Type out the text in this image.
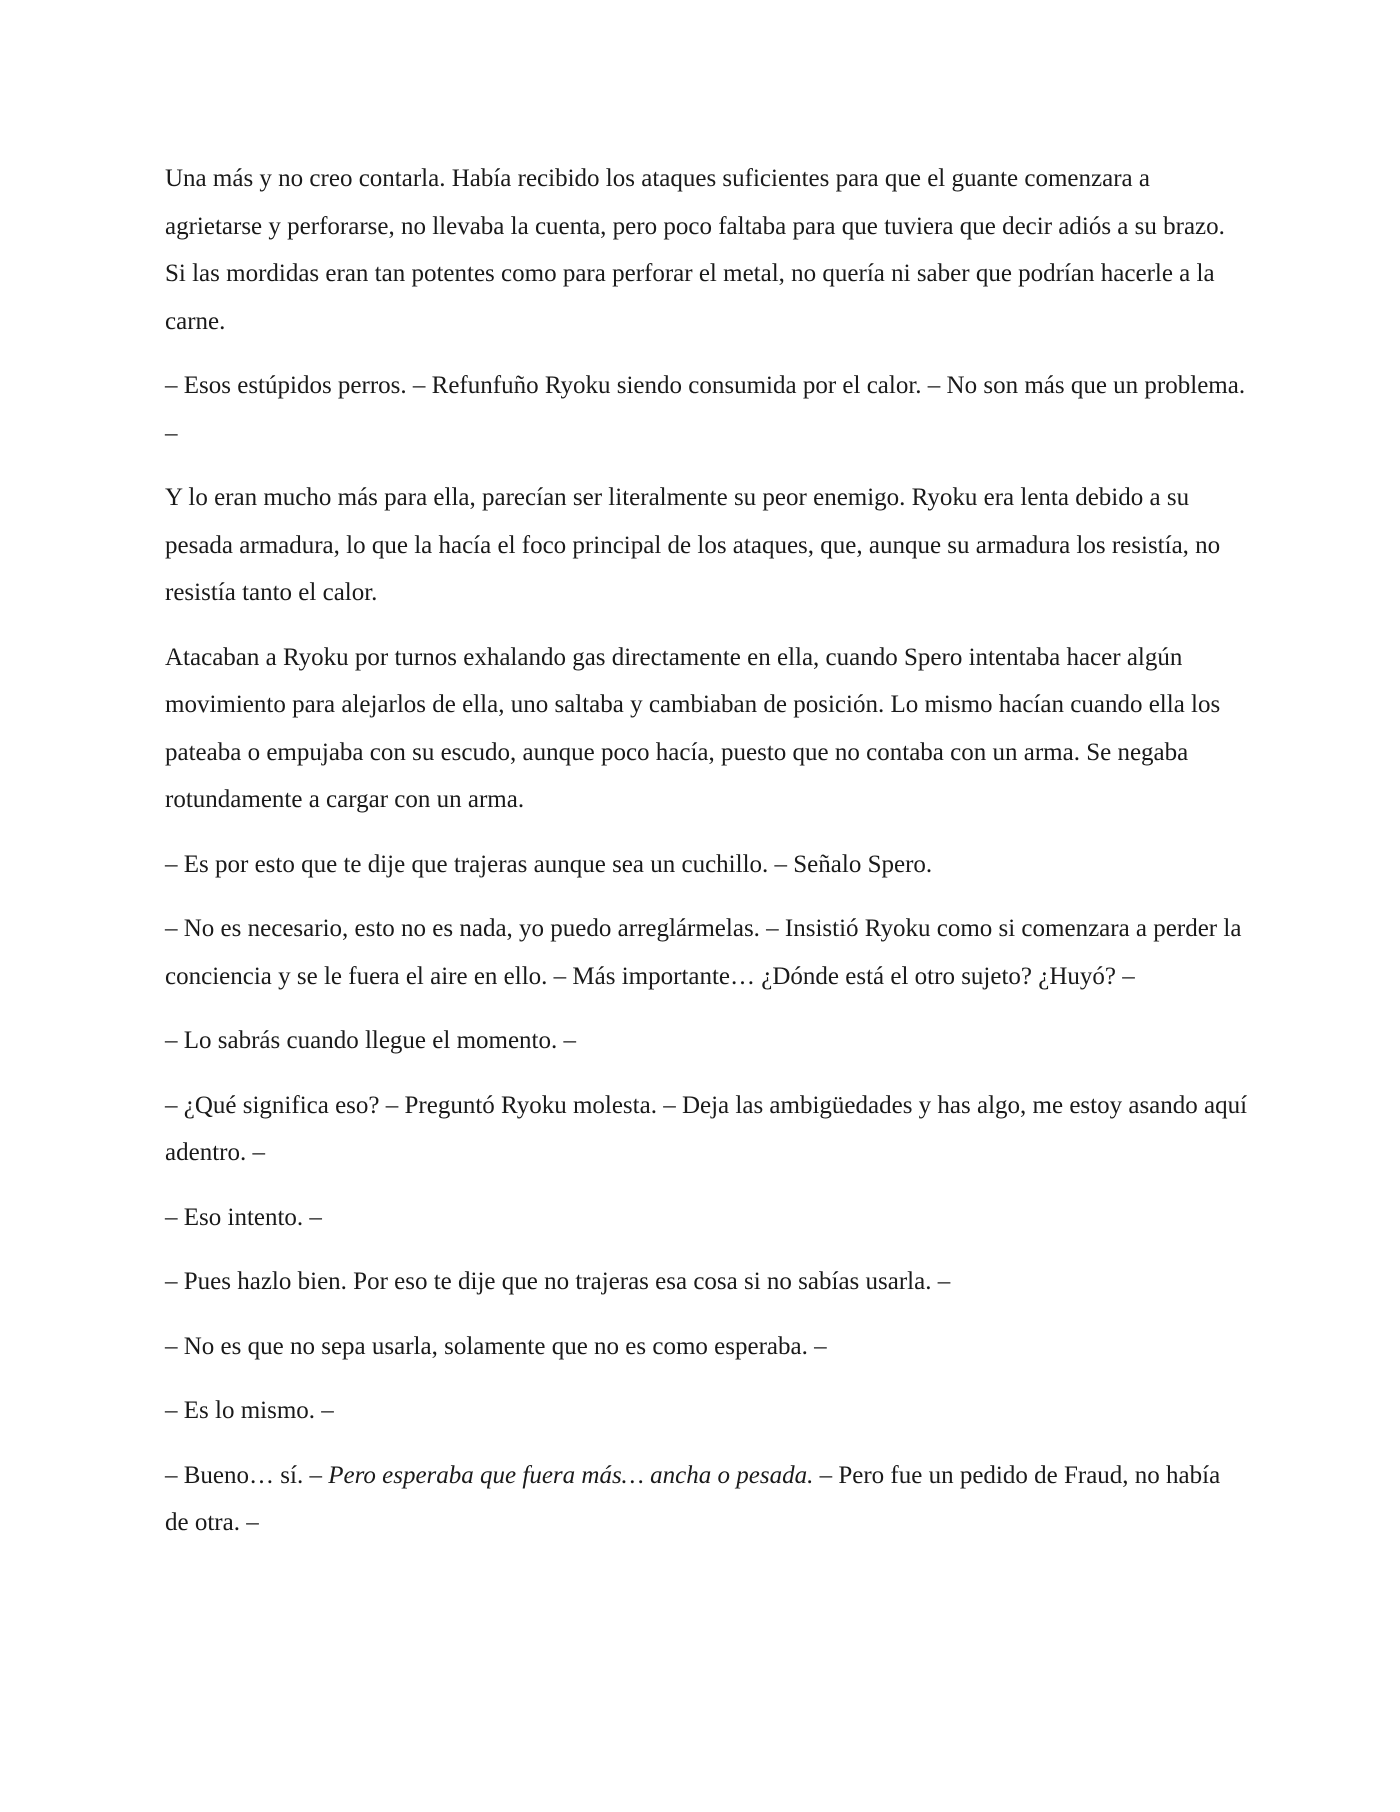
Una más y no creo contarla. Había recibido los ataques suficientes para que el guante comenzara a agrietarse y perforarse, no llevaba la cuenta, pero poco faltaba para que tuviera que decir adiós a su brazo. Si las mordidas eran tan potentes como para perforar el metal, no quería ni saber que podrían hacerle a la carne.

– Esos estúpidos perros. – Refunfuño Ryoku siendo consumida por el calor. – No son más que un problema. –

Y lo eran mucho más para ella, parecían ser literalmente su peor enemigo. Ryoku era lenta debido a su pesada armadura, lo que la hacía el foco principal de los ataques, que, aunque su armadura los resistía, no resistía tanto el calor.

Atacaban a Ryoku por turnos exhalando gas directamente en ella, cuando Spero intentaba hacer algún movimiento para alejarlos de ella, uno saltaba y cambiaban de posición. Lo mismo hacían cuando ella los pateaba o empujaba con su escudo, aunque poco hacía, puesto que no contaba con un arma. Se negaba rotundamente a cargar con un arma.

– Es por esto que te dije que trajeras aunque sea un cuchillo. – Señalo Spero.

– No es necesario, esto no es nada, yo puedo arreglármelas. – Insistió Ryoku como si comenzara a perder la conciencia y se le fuera el aire en ello. – Más importante… ¿Dónde está el otro sujeto? ¿Huyó? –

– Lo sabrás cuando llegue el momento. –

– ¿Qué significa eso? – Preguntó Ryoku molesta. – Deja las ambigüedades y has algo, me estoy asando aquí adentro. –

– Eso intento. –

– Pues hazlo bien. Por eso te dije que no trajeras esa cosa si no sabías usarla. –

– No es que no sepa usarla, solamente que no es como esperaba. –

– Es lo mismo. –

– Bueno… sí. – Pero esperaba que fuera más… ancha o pesada. – Pero fue un pedido de Fraud, no había de otra. –
